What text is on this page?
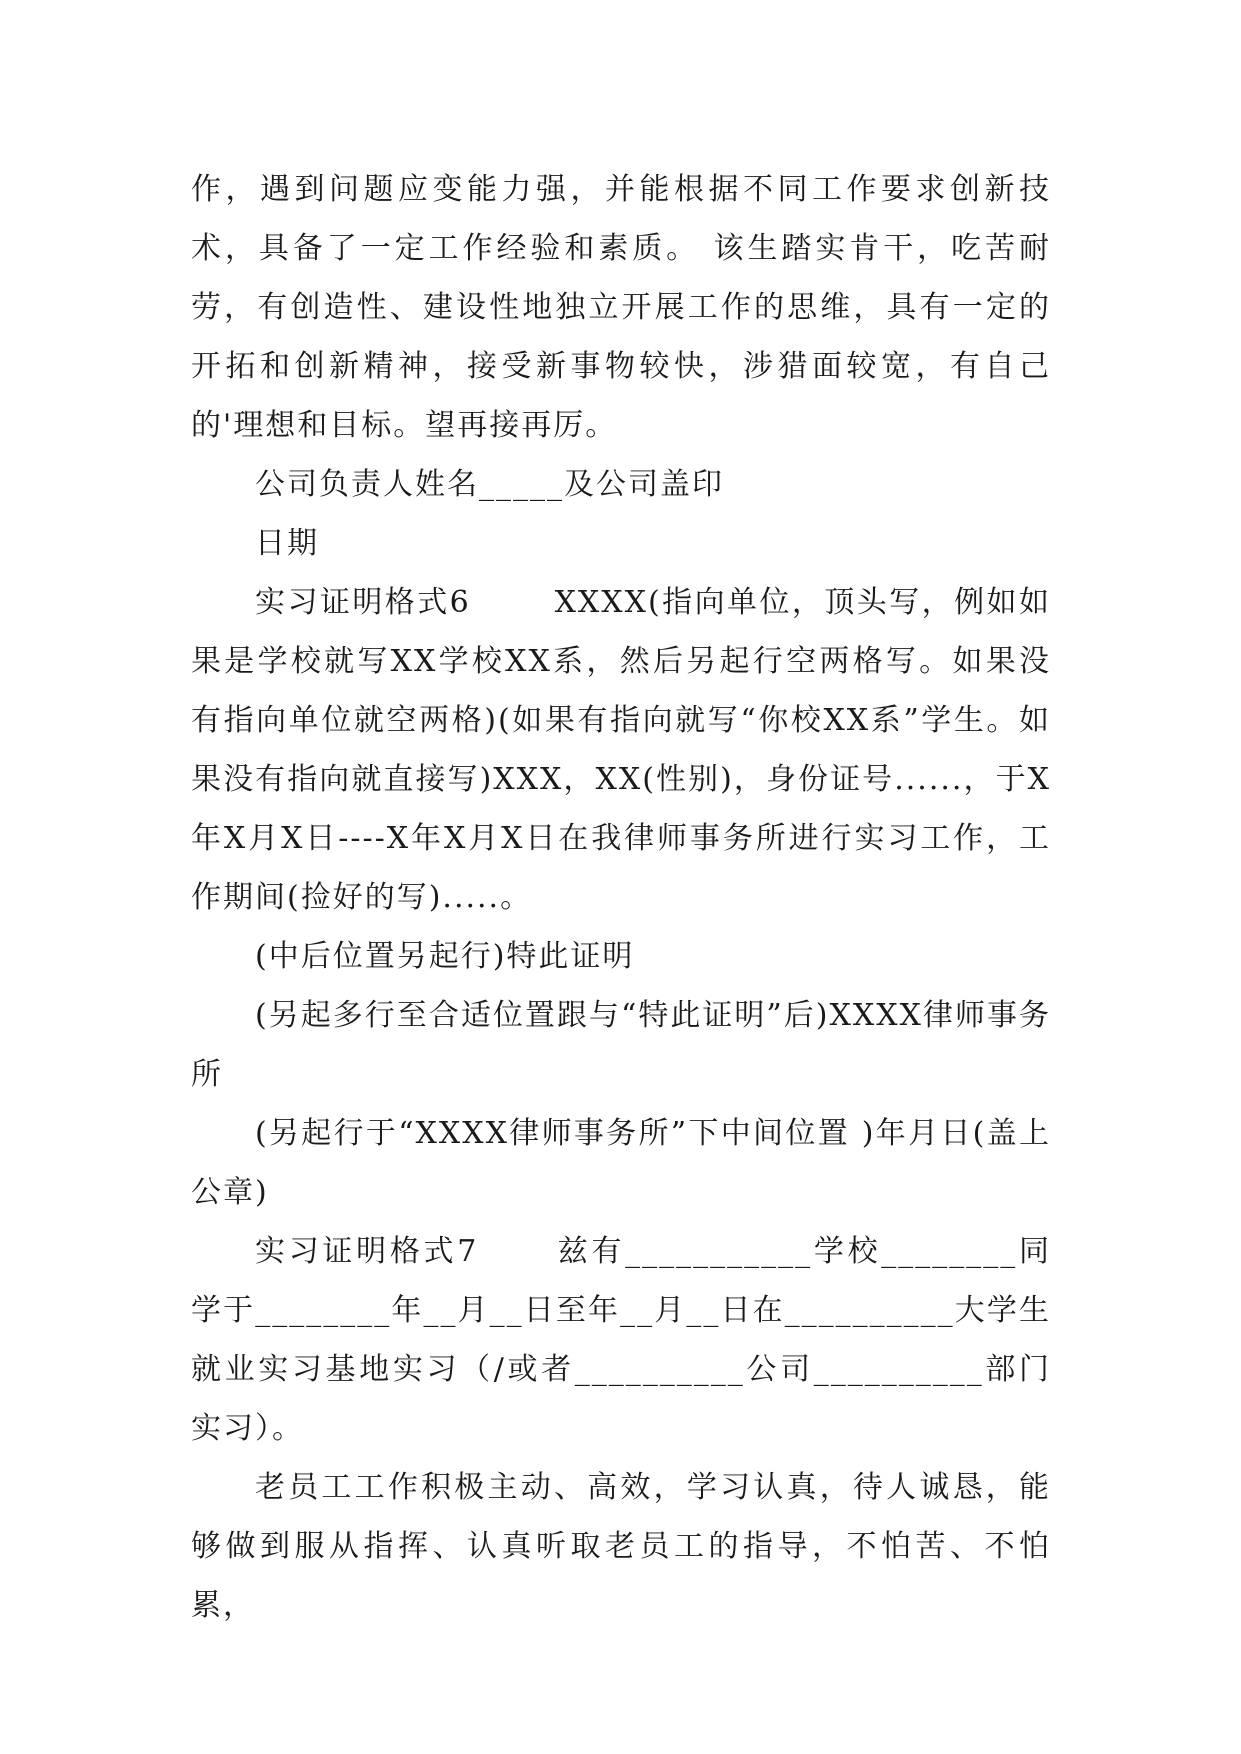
作，遇到问题应变能力强，并能根据不同工作要求创新技术，具备了一定工作经验和素质。 该生踏实肯干，吃苦耐劳，有创造性、建设性地独立开展工作的思维，具有一定的开拓和创新精神，接受新事物较快，涉猎面较宽，有自己的'理想和目标。望再接再厉。

公司负责人姓名_____及公司盖印

日期

实习证明格式6       XXXX(指向单位，顶头写，例如如果是学校就写XX学校XX系，然后另起行空两格写。如果没有指向单位就空两格)(如果有指向就写“你校XX系”学生。如果没有指向就直接写)XXX，XX(性别)，身份证号......，于X年X月X日----X年X月X日在我律师事务所进行实习工作，工作期间(捡好的写).....。

(中后位置另起行)特此证明

(另起多行至合适位置跟与“特此证明”后)XXXX律师事务所

(另起行于“XXXX律师事务所”下中间位置 )年月日(盖上公章)

实习证明格式7      兹有___________学校________同学于________年__月__日至年__月__日在__________大学生就业实习基地实习（/或者__________公司__________部门实习）。

老员工工作积极主动、高效，学习认真，待人诚恳，能够做到服从指挥、认真听取老员工的指导，不怕苦、不怕累，
